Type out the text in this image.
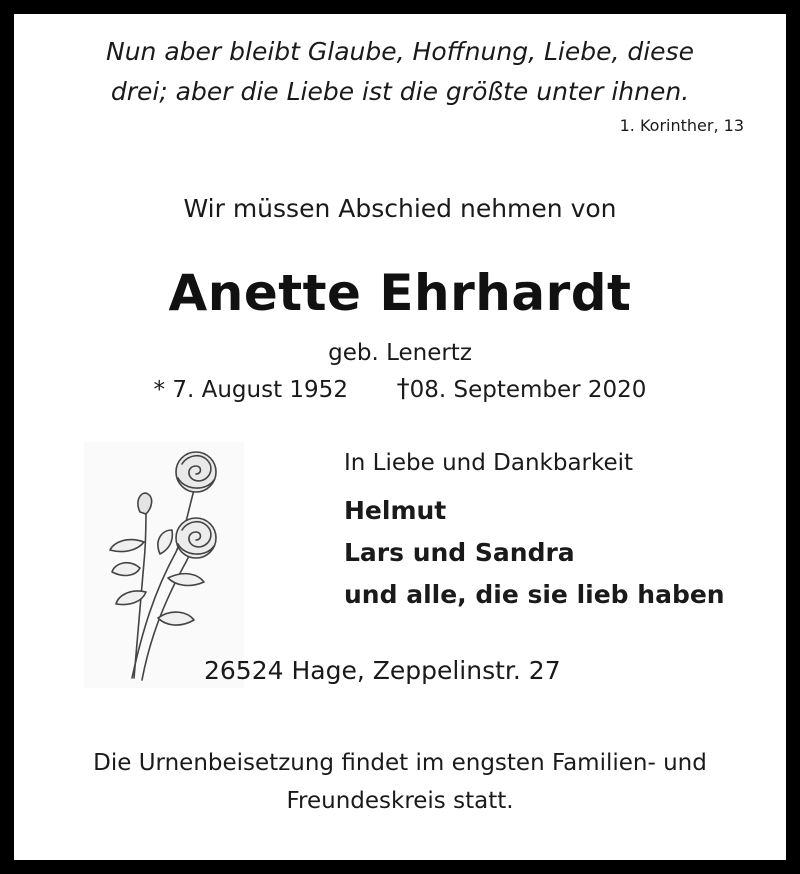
Nun aber bleibt Glaube, Hoffnung, Liebe, diese
drei; aber die Liebe ist die größte unter ihnen.
1. Korinther, 13
Wir müssen Abschied nehmen von
Anette Ehrhardt
geb. Lenertz
* 7. August 1952 †08. September 2020
In Liebe und Dankbarkeit
Helmut
Lars und Sandra
und alle, die sie lieb haben
26524 Hage, Zeppelinstr. 27
Die Urnenbeisetzung findet im engsten Familien- und
Freundeskreis statt.
